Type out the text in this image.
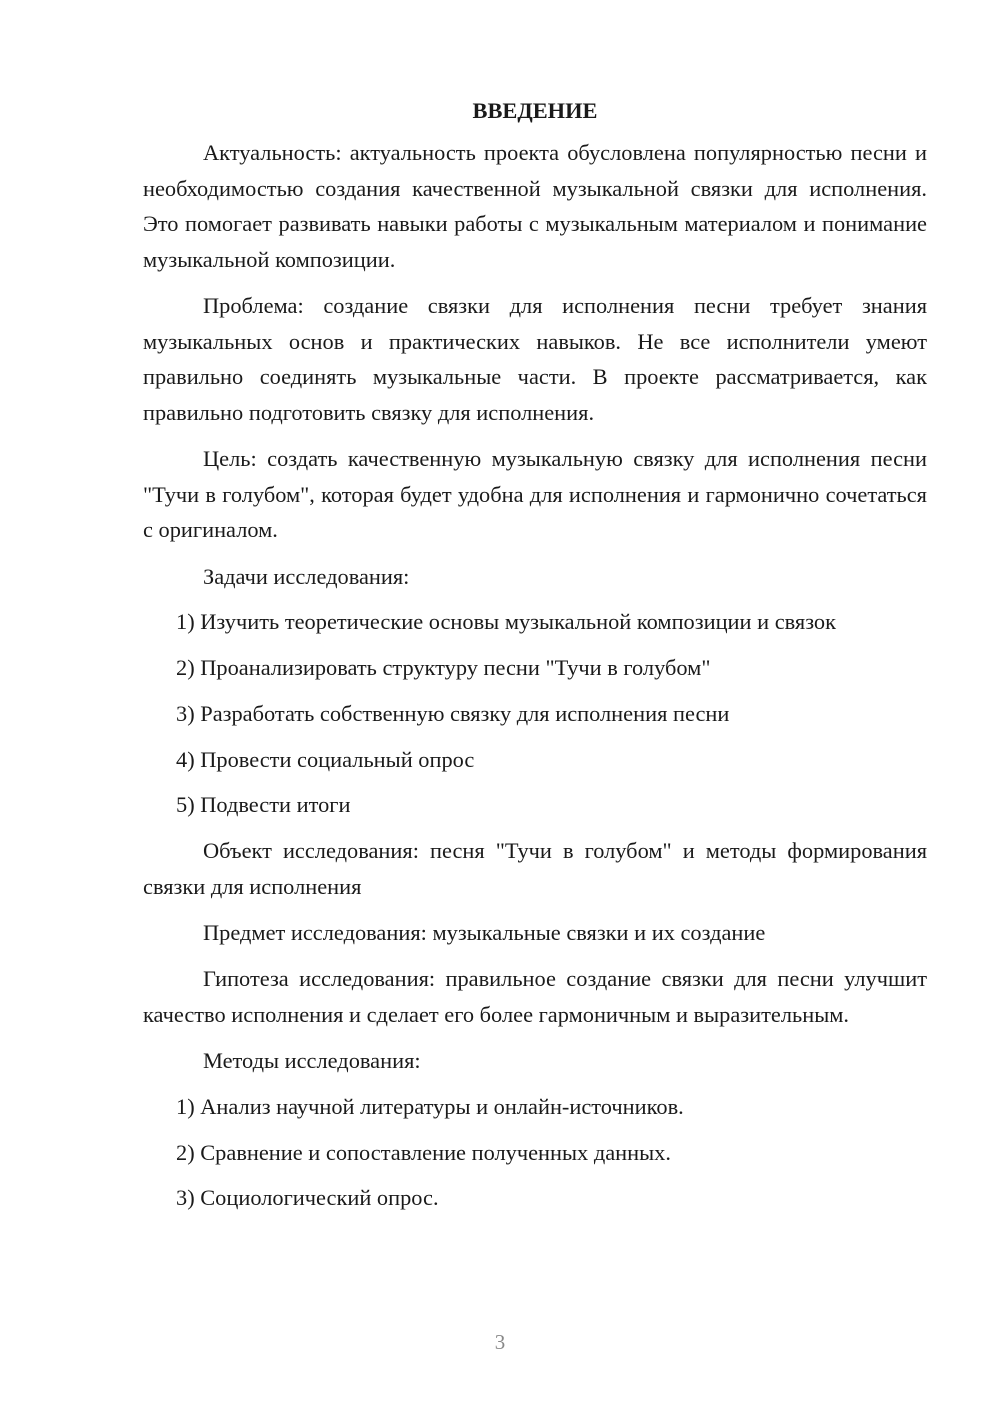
ВВЕДЕНИЕ

Актуальность: актуальность проекта обусловлена популярностью песни и необходимостью создания качественной музыкальной связки для исполнения. Это помогает развивать навыки работы с музыкальным материалом и понимание музыкальной композиции.

Проблема: создание связки для исполнения песни требует знания музыкальных основ и практических навыков. Не все исполнители умеют правильно соединять музыкальные части. В проекте рассматривается, как правильно подготовить связку для исполнения.

Цель: создать качественную музыкальную связку для исполнения песни "Тучи в голубом", которая будет удобна для исполнения и гармонично сочетаться с оригиналом.

Задачи исследования:
1) Изучить теоретические основы музыкальной композиции и связок
2) Проанализировать структуру песни "Тучи в голубом"
3) Разработать собственную связку для исполнения песни
4) Провести социальный опрос
5) Подвести итоги

Объект исследования: песня "Тучи в голубом" и методы формирования связки для исполнения

Предмет исследования: музыкальные связки и их создание

Гипотеза исследования: правильное создание связки для песни улучшит качество исполнения и сделает его более гармоничным и выразительным.

Методы исследования:
1) Анализ научной литературы и онлайн-источников.
2) Сравнение и сопоставление полученных данных.
3) Социологический опрос.
3
